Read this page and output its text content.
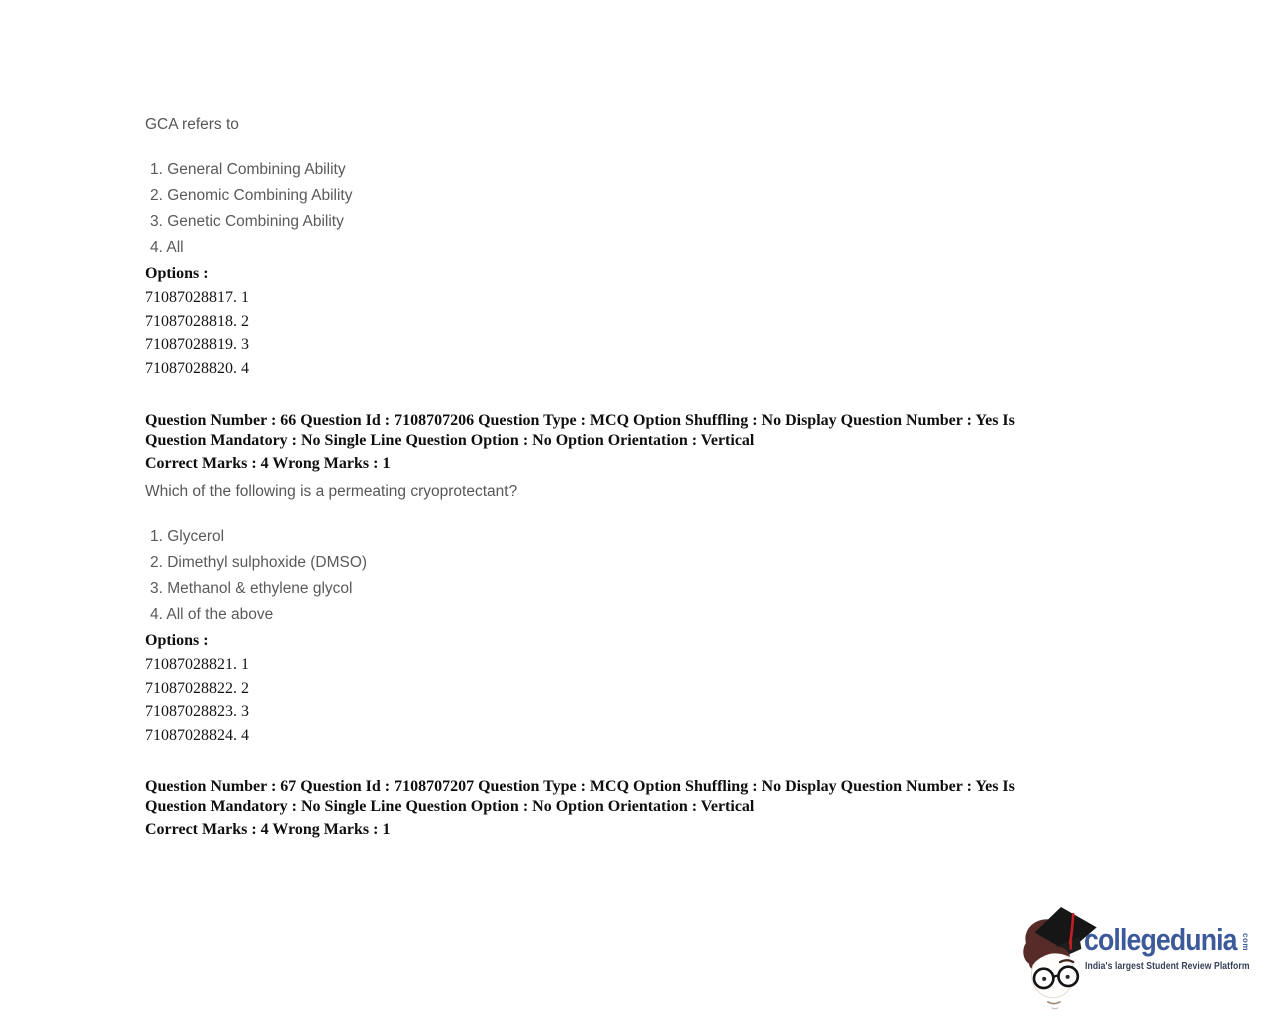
GCA refers to
1. General Combining Ability
2. Genomic Combining Ability
3. Genetic Combining Ability
4. All
Options :
71087028817. 1
71087028818. 2
71087028819. 3
71087028820. 4
Question Number : 66 Question Id : 7108707206 Question Type : MCQ Option Shuffling : No Display Question Number : Yes Is
Question Mandatory : No Single Line Question Option : No Option Orientation : Vertical
Correct Marks : 4 Wrong Marks : 1
Which of the following is a permeating cryoprotectant?
1. Glycerol
2. Dimethyl sulphoxide (DMSO)
3. Methanol & ethylene glycol
4. All of the above
Options :
71087028821. 1
71087028822. 2
71087028823. 3
71087028824. 4
Question Number : 67 Question Id : 7108707207 Question Type : MCQ Option Shuffling : No Display Question Number : Yes Is
Question Mandatory : No Single Line Question Option : No Option Orientation : Vertical
Correct Marks : 4 Wrong Marks : 1
collegedunia com
India's largest Student Review Platform
